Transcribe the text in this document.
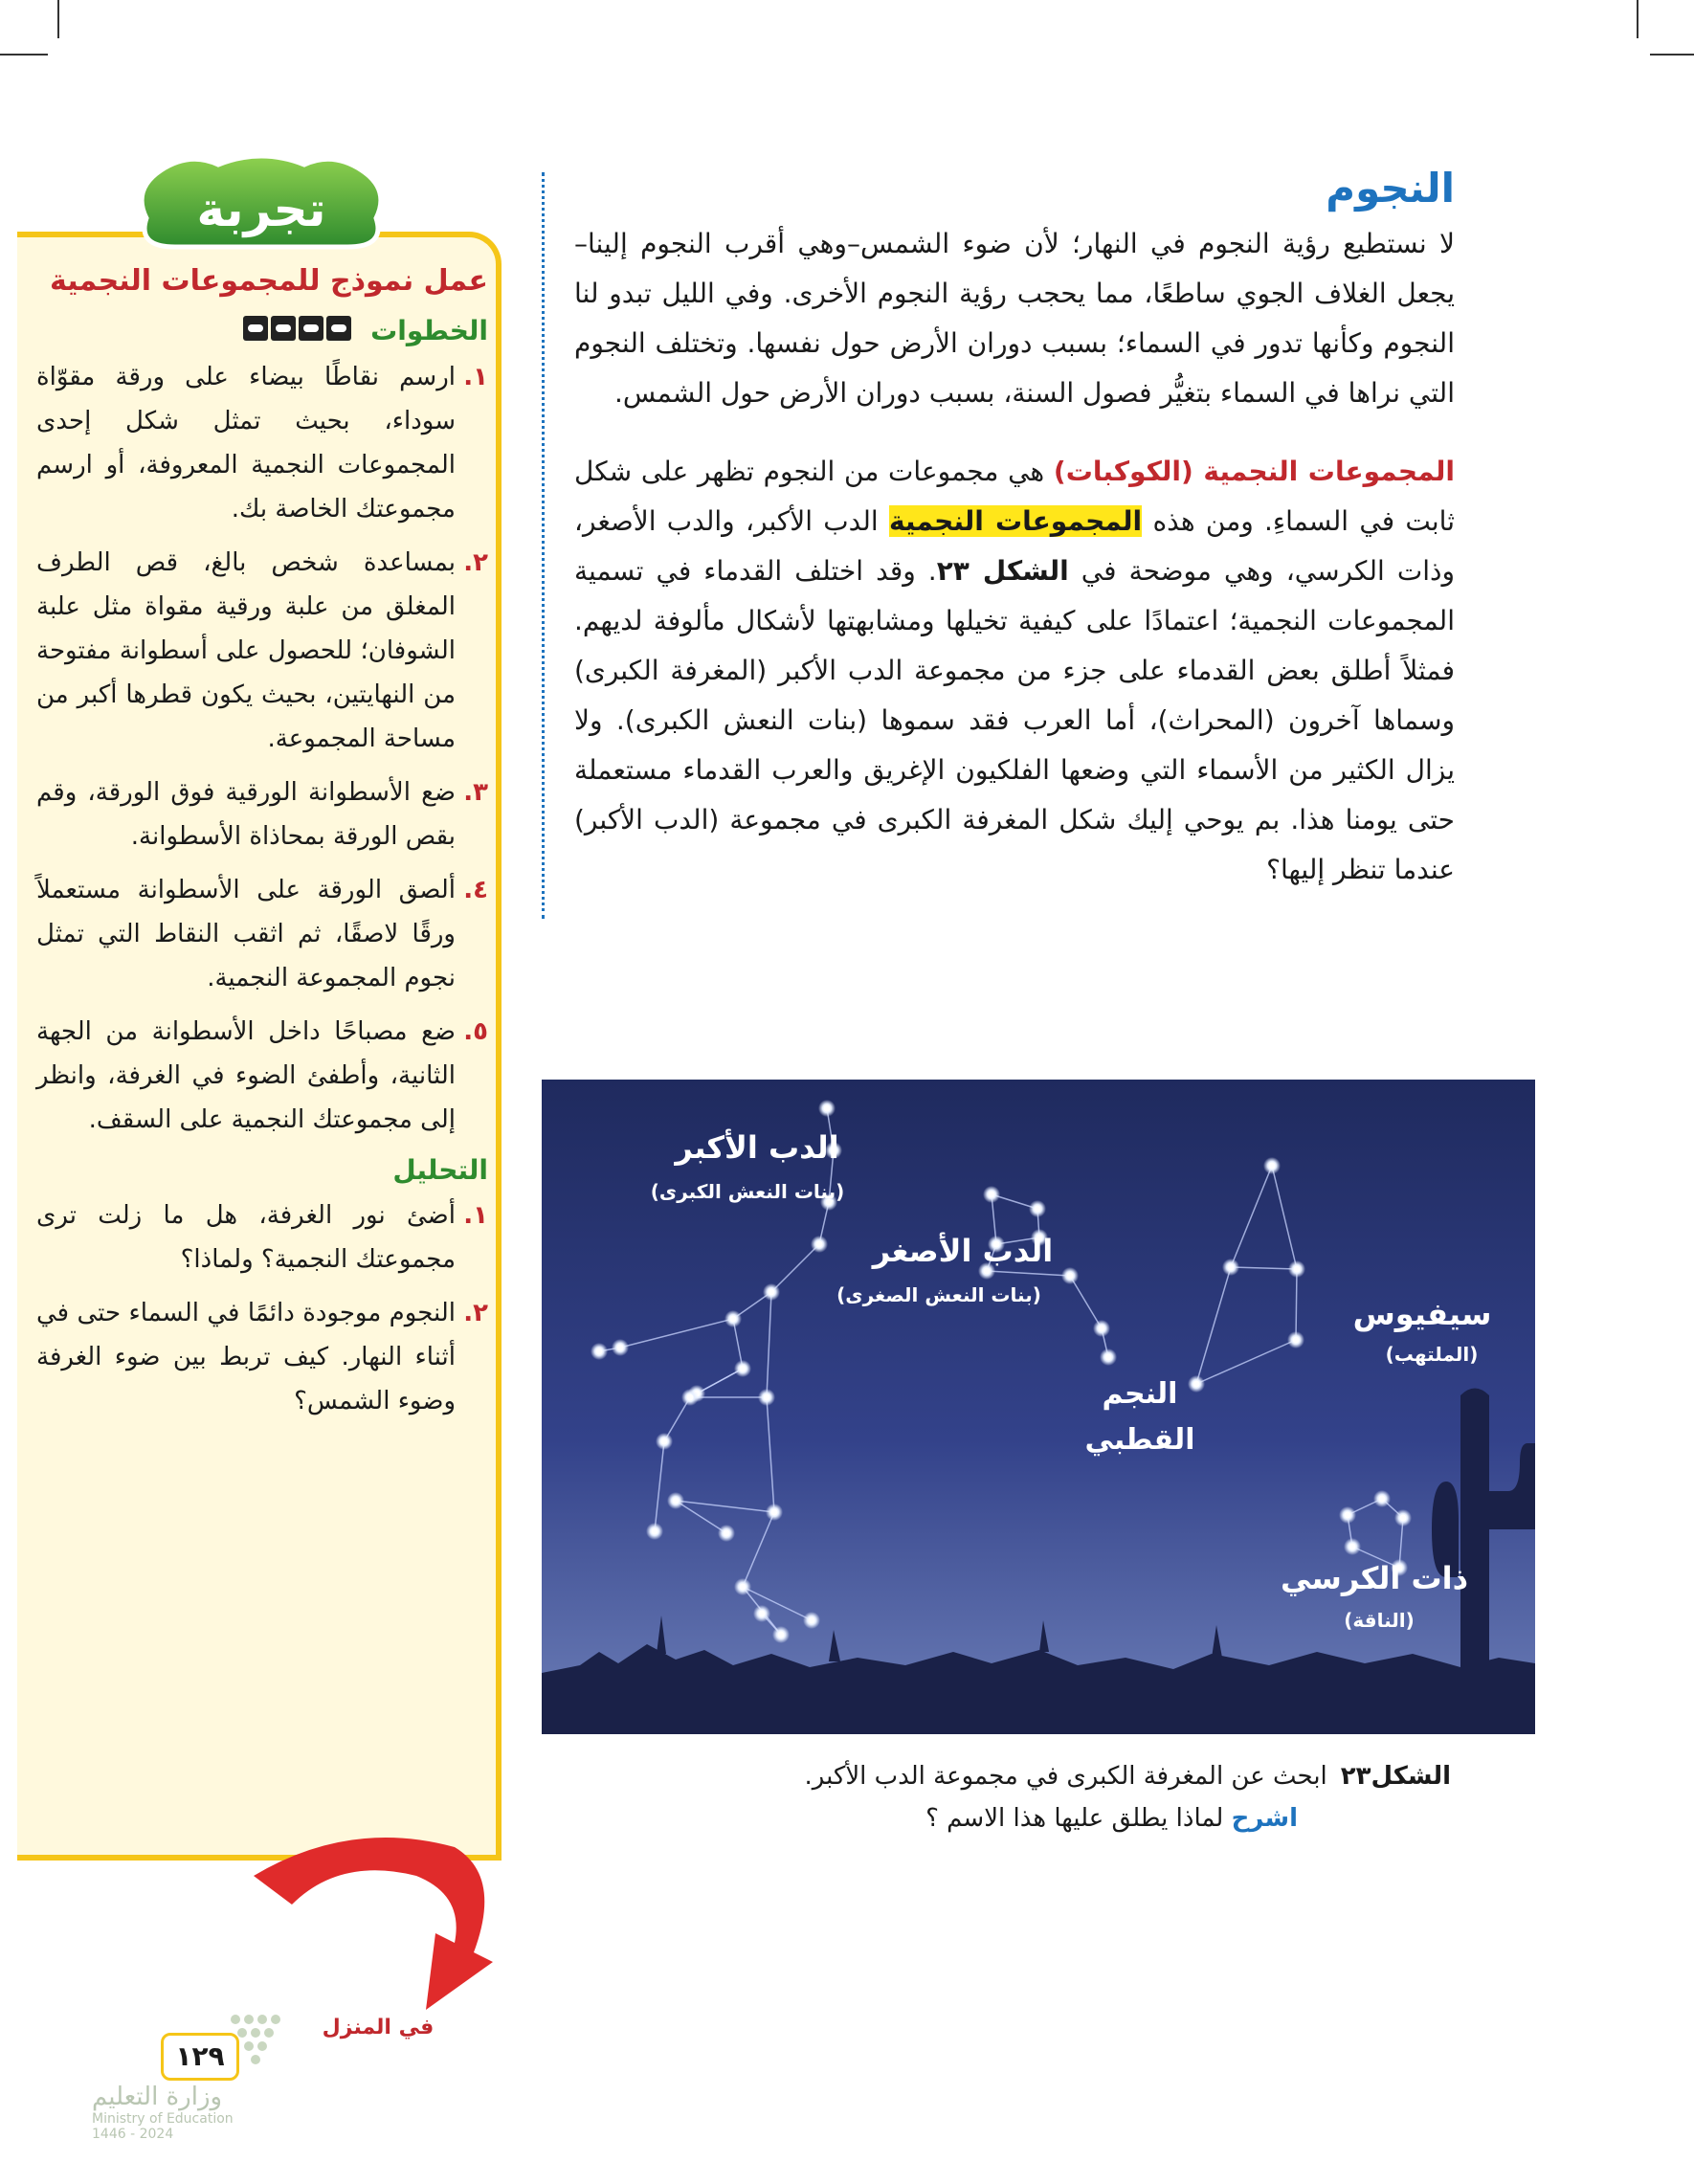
النجوم

لا نستطيع رؤية النجوم في النهار؛ لأن ضوء الشمس–وهي أقرب النجوم إلينا– يجعل الغلاف الجوي ساطعًا، مما يحجب رؤية النجوم الأخرى. وفي الليل تبدو لنا النجوم وكأنها تدور في السماء؛ بسبب دوران الأرض حول نفسها. وتختلف النجوم التي نراها في السماء بتغيُّر فصول السنة، بسبب دوران الأرض حول الشمس.

المجموعات النجمية (الكوكبات) هي مجموعات من النجوم تظهر على شكل ثابت في السماءِ. ومن هذه المجموعات النجمية الدب الأكبر، والدب الأصغر، وذات الكرسي، وهي موضحة في الشكل ٢٣. وقد اختلف القدماء في تسمية المجموعات النجمية؛ اعتمادًا على كيفية تخيلها ومشابهتها لأشكال مألوفة لديهم. فمثلاً أطلق بعض القدماء على جزء من مجموعة الدب الأكبر (المغرفة الكبرى) وسماها آخرون (المحراث)، أما العرب فقد سموها (بنات النعش الكبرى). ولا يزال الكثير من الأسماء التي وضعها الفلكيون الإغريق والعرب القدماء مستعملة حتى يومنا هذا. بم يوحي إليك شكل المغرفة الكبرى في مجموعة (الدب الأكبر) عندما تنظر إليها؟

عمل نموذج للمجموعات النجمية
الخطوات
١.
ارسم نقاطًا بيضاء على ورقة مقوّاة سوداء، بحيث تمثل شكل إحدى المجموعات النجمية المعروفة، أو ارسم مجموعتك الخاصة بك.
٢.
بمساعدة شخص بالغ، قص الطرف المغلق من علبة ورقية مقواة مثل علبة الشوفان؛ للحصول على أسطوانة مفتوحة من النهايتين، بحيث يكون قطرها أكبر من مساحة المجموعة.
٣.
ضع الأسطوانة الورقية فوق الورقة، وقم بقص الورقة بمحاذاة الأسطوانة.
٤.
ألصق الورقة على الأسطوانة مستعملاً ورقًا لاصقًا، ثم اثقب النقاط التي تمثل نجوم المجموعة النجمية.
٥.
ضع مصباحًا داخل الأسطوانة من الجهة الثانية، وأطفئ الضوء في الغرفة، وانظر إلى مجموعتك النجمية على السقف.
التحليل
١.
أضئ نور الغرفة، هل ما زلت ترى مجموعتك النجمية؟ ولماذا؟
٢.
النجوم موجودة دائمًا في السماء حتى في أثناء النهار. كيف تربط بين ضوء الغرفة وضوء الشمس؟
تجربة
في المنزل
الدب الأكبر
(بنات النعش الكبرى)
الدب الأصغر
(بنات النعش الصغرى)
النجم
القطبي
سيفيوس
(الملتهب)
ذات الكرسي
(الناقة)
الشكل٢٣ابحث عن المغرفة الكبرى في مجموعة الدب الأكبر.
اشرح لماذا يطلق عليها هذا الاسم ؟
١٢٩
وزارة التعليم
Ministry of Education
2024 - 1446
